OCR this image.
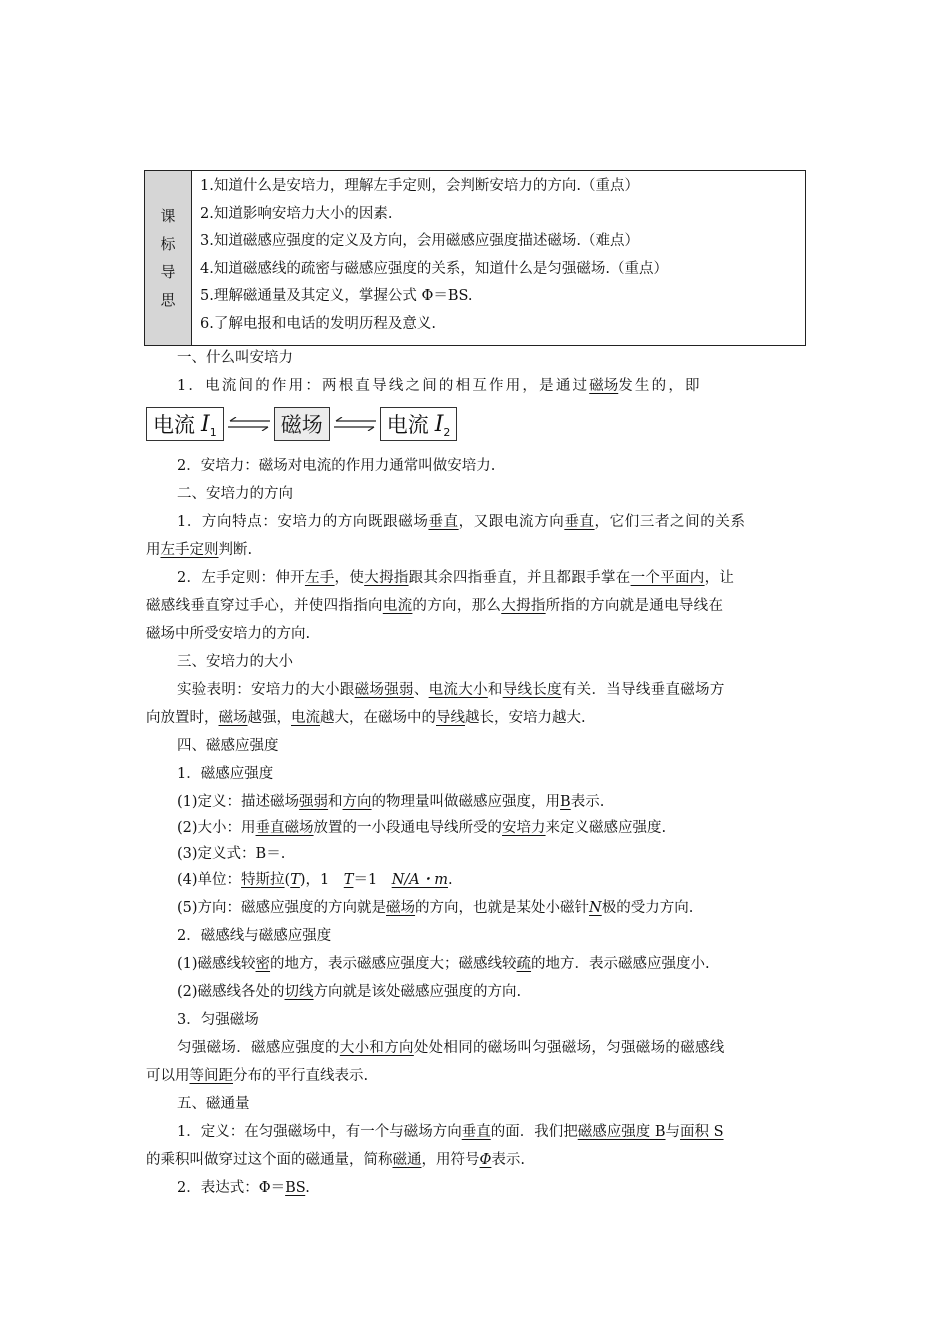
课
标
导
思
1.知道什么是安培力，理解左手定则，会判断安培力的方向.（重点）
2.知道影响安培力大小的因素.
3.知道磁感应强度的定义及方向，会用磁感应强度描述磁场.（难点）
4.知道磁感线的疏密与磁感应强度的关系，知道什么是匀强磁场.（重点）
5.理解磁通量及其定义，掌握公式 Φ＝BS.
6.了解电报和电话的发明历程及意义.
一、什么叫安培力
1．电流间的作用：两根直导线之间的相互作用，是通过磁场发生的，即
电流 $I_1$	磁场	电流 $I_2$
2．安培力：磁场对电流的作用力通常叫做安培力.
二、安培力的方向
1．方向特点：安培力的方向既跟磁场垂直，又跟电流方向垂直，它们三者之间的关系
用左手定则判断.
2．左手定则：伸开左手，使大拇指跟其余四指垂直，并且都跟手掌在一个平面内，让
磁感线垂直穿过手心，并使四指指向电流的方向，那么大拇指所指的方向就是通电导线在
磁场中所受安培力的方向.
三、安培力的大小
实验表明：安培力的大小跟磁场强弱、电流大小和导线长度有关．当导线垂直磁场方
向放置时，磁场越强，电流越大，在磁场中的导线越长，安培力越大.
四、磁感应强度
1．磁感应强度
(1)定义：描述磁场强弱和方向的物理量叫做磁感应强度，用B表示.
(2)大小：用垂直磁场放置的一小段通电导线所受的安培力来定义磁感应强度.
(3)定义式：B＝.
(4)单位：特斯拉(T)，1　T＝1　N/A・m.
(5)方向：磁感应强度的方向就是磁场的方向，也就是某处小磁针N极的受力方向.
2．磁感线与磁感应强度
(1)磁感线较密的地方，表示磁感应强度大；磁感线较疏的地方．表示磁感应强度小.
(2)磁感线各处的切线方向就是该处磁感应强度的方向.
3．匀强磁场
匀强磁场．磁感应强度的大小和方向处处相同的磁场叫匀强磁场，匀强磁场的磁感线
可以用等间距分布的平行直线表示.
五、磁通量
1．定义：在匀强磁场中，有一个与磁场方向垂直的面．我们把磁感应强度 B与面积 S
的乘积叫做穿过这个面的磁通量，简称磁通，用符号Φ表示.
2．表达式：Φ＝BS.
